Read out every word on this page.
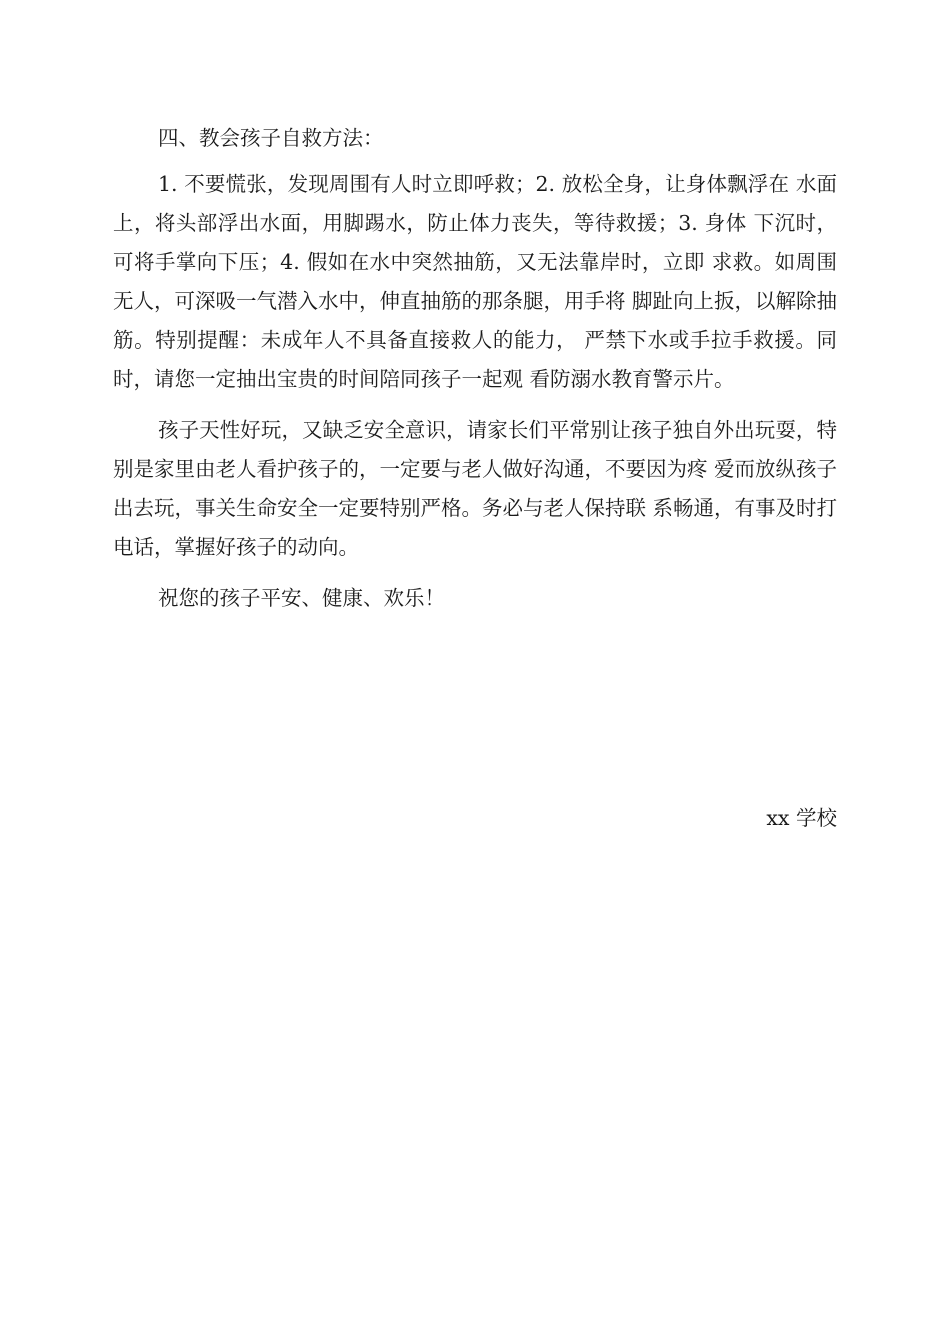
四、教会孩子自救方法：

1. 不要慌张，发现周围有人时立即呼救；2. 放松全身，让身体飘浮在 水面上，将头部浮出水面，用脚踢水，防止体力丧失，等待救援；3. 身体 下沉时，可将手掌向下压；4. 假如在水中突然抽筋，又无法靠岸时，立即 求救。如周围无人，可深吸一气潜入水中，伸直抽筋的那条腿，用手将 脚趾向上扳，以解除抽筋。特别提醒：未成年人不具备直接救人的能力， 严禁下水或手拉手救援。同时，请您一定抽出宝贵的时间陪同孩子一起观 看防溺水教育警示片。

孩子天性好玩，又缺乏安全意识，请家长们平常别让孩子独自外出玩耍，特别是家里由老人看护孩子的，一定要与老人做好沟通，不要因为疼 爱而放纵孩子出去玩，事关生命安全一定要特别严格。务必与老人保持联 系畅通，有事及时打电话，掌握好孩子的动向。

祝您的孩子平安、健康、欢乐！

xx 学校
